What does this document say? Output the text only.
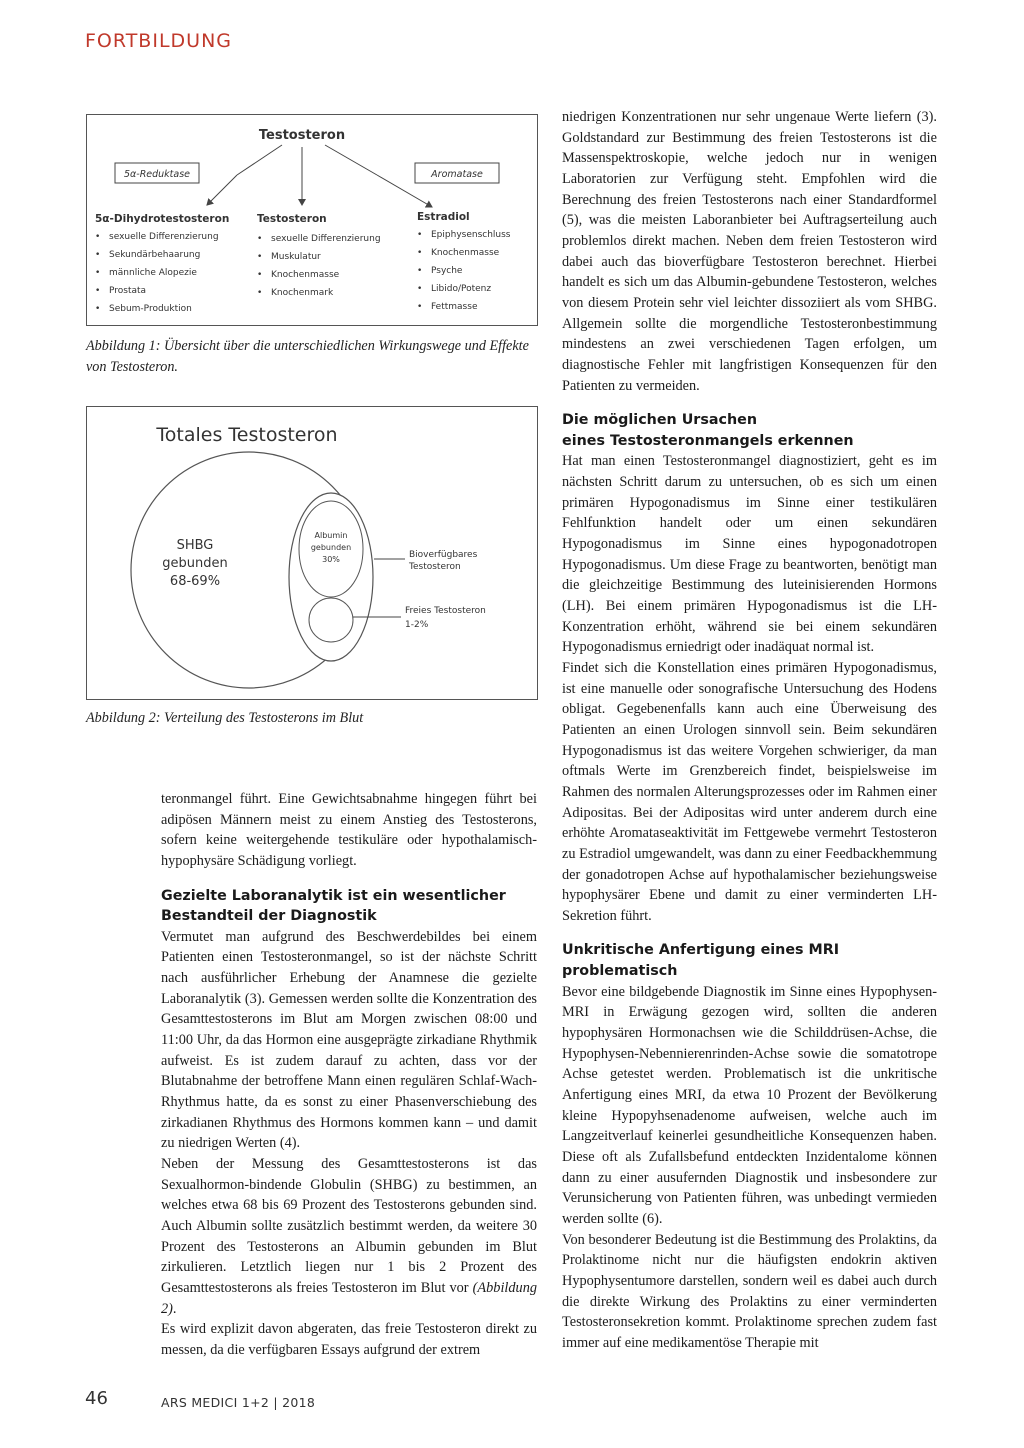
FORTBILDUNG
Testosteron
5α-Reduktase	Aromatase
5α-Dihydrotestosteron
• sexuelle Differenzierung
• Sekundärbehaarung
• männliche Alopezie
• Prostata
• Sebum-Produktion
Testosteron
• sexuelle Differenzierung
• Muskulatur
• Knochenmasse
• Knochenmark
Estradiol
• Epiphysenschluss
• Knochenmasse
• Psyche
• Libido/Potenz
• Fettmasse
Abbildung 1: Übersicht über die unterschiedlichen Wirkungswege und Effekte von Testosteron.
Totales Testosteron
SHBG
gebunden
68-69%
Albumin
gebunden
30%	Bioverfügbares
Testosteron
Freies Testosteron
1-2%
Abbildung 2: Verteilung des Testosterons im Blut

teronmangel führt. Eine Gewichtsabnahme hingegen führt bei adipösen Männern meist zu einem Anstieg des Testosterons, sofern keine weitergehende testikuläre oder hypothalamisch-hypophysäre Schädigung vorliegt.

Gezielte Laboranalytik ist ein wesentlicher Bestandteil der Diagnostik

Vermutet man aufgrund des Beschwerdebildes bei einem Patienten einen Testosteronmangel, so ist der nächste Schritt nach ausführlicher Erhebung der Anamnese die gezielte Laboranalytik (3). Gemessen werden sollte die Konzentration des Gesamttestosterons im Blut am Morgen zwischen 08:00 und 11:00 Uhr, da das Hormon eine ausgeprägte zirkadiane Rhythmik aufweist. Es ist zudem darauf zu achten, dass vor der Blutabnahme der betroffene Mann einen regulären Schlaf-Wach-Rhythmus hatte, da es sonst zu einer Phasenverschiebung des zirkadianen Rhythmus des Hormons kommen kann – und damit zu niedrigen Werten (4).

Neben der Messung des Gesamttestosterons ist das Sexualhormon-bindende Globulin (SHBG) zu bestimmen, an welches etwa 68 bis 69 Prozent des Testosterons gebunden sind. Auch Albumin sollte zusätzlich bestimmt werden, da weitere 30 Prozent des Testosterons an Albumin gebunden im Blut zirkulieren. Letztlich liegen nur 1 bis 2 Prozent des Gesamttestosterons als freies Testosteron im Blut vor (Abbildung 2).

Es wird explizit davon abgeraten, das freie Testosteron direkt zu messen, da die verfügbaren Essays aufgrund der extrem

niedrigen Konzentrationen nur sehr ungenaue Werte liefern (3). Goldstandard zur Bestimmung des freien Testosterons ist die Massenspektroskopie, welche jedoch nur in wenigen Laboratorien zur Verfügung steht. Empfohlen wird die Berechnung des freien Testosterons nach einer Standardformel (5), was die meisten Laboranbieter bei Auftragserteilung auch problemlos direkt machen. Neben dem freien Testosteron wird dabei auch das bioverfügbare Testosteron berechnet. Hierbei handelt es sich um das Albumin-gebundene Testosteron, welches von diesem Protein sehr viel leichter dissoziiert als vom SHBG. Allgemein sollte die morgendliche Testosteronbestimmung mindestens an zwei verschiedenen Tagen erfolgen, um diagnostische Fehler mit langfristigen Konsequenzen für den Patienten zu vermeiden.

Die möglichen Ursachen
eines Testosteronmangels erkennen

Hat man einen Testosteronmangel diagnostiziert, geht es im nächsten Schritt darum zu untersuchen, ob es sich um einen primären Hypogonadismus im Sinne einer testikulären Fehlfunktion handelt oder um einen sekundären Hypogonadismus im Sinne eines hypogonadotropen Hypogonadismus. Um diese Frage zu beantworten, benötigt man die gleichzeitige Bestimmung des luteinisierenden Hormons (LH). Bei einem primären Hypogonadismus ist die LH-Konzentration erhöht, während sie bei einem sekundären Hypogonadismus erniedrigt oder inadäquat normal ist.

Findet sich die Konstellation eines primären Hypogonadismus, ist eine manuelle oder sonografische Untersuchung des Hodens obligat. Gegebenenfalls kann auch eine Überweisung des Patienten an einen Urologen sinnvoll sein. Beim sekundären Hypogonadismus ist das weitere Vorgehen schwieriger, da man oftmals Werte im Grenzbereich findet, beispielsweise im Rahmen des normalen Alterungsprozesses oder im Rahmen einer Adipositas. Bei der Adipositas wird unter anderem durch eine erhöhte Aromataseaktivität im Fettgewebe vermehrt Testosteron zu Estradiol umgewandelt, was dann zu einer Feedbackhemmung der gonadotropen Achse auf hypothalamischer beziehungsweise hypophysärer Ebene und damit zu einer verminderten LH-Sekretion führt.

Unkritische Anfertigung eines MRI problematisch

Bevor eine bildgebende Diagnostik im Sinne eines Hypophysen-MRI in Erwägung gezogen wird, sollten die anderen hypophysären Hormonachsen wie die Schilddrüsen-Achse, die Hypophysen-Nebennierenrinden-Achse sowie die somatotrope Achse getestet werden. Problematisch ist die unkritische Anfertigung eines MRI, da etwa 10 Prozent der Bevölkerung kleine Hypopyhsenadenome aufweisen, welche auch im Langzeitverlauf keinerlei gesundheitliche Konsequenzen haben. Diese oft als Zufallsbefund entdeckten Inzidentalome können dann zu einer ausufernden Diagnostik und insbesondere zur Verunsicherung von Patienten führen, was unbedingt vermieden werden sollte (6).

Von besonderer Bedeutung ist die Bestimmung des Prolaktins, da Prolaktinome nicht nur die häufigsten endokrin aktiven Hypophysentumore darstellen, sondern weil es dabei auch durch die direkte Wirkung des Prolaktins zu einer verminderten Testosteronsekretion kommt. Prolaktinome sprechen zudem fast immer auf eine medikamentöse Therapie mit

46	ARS MEDICI 1+2 | 2018
